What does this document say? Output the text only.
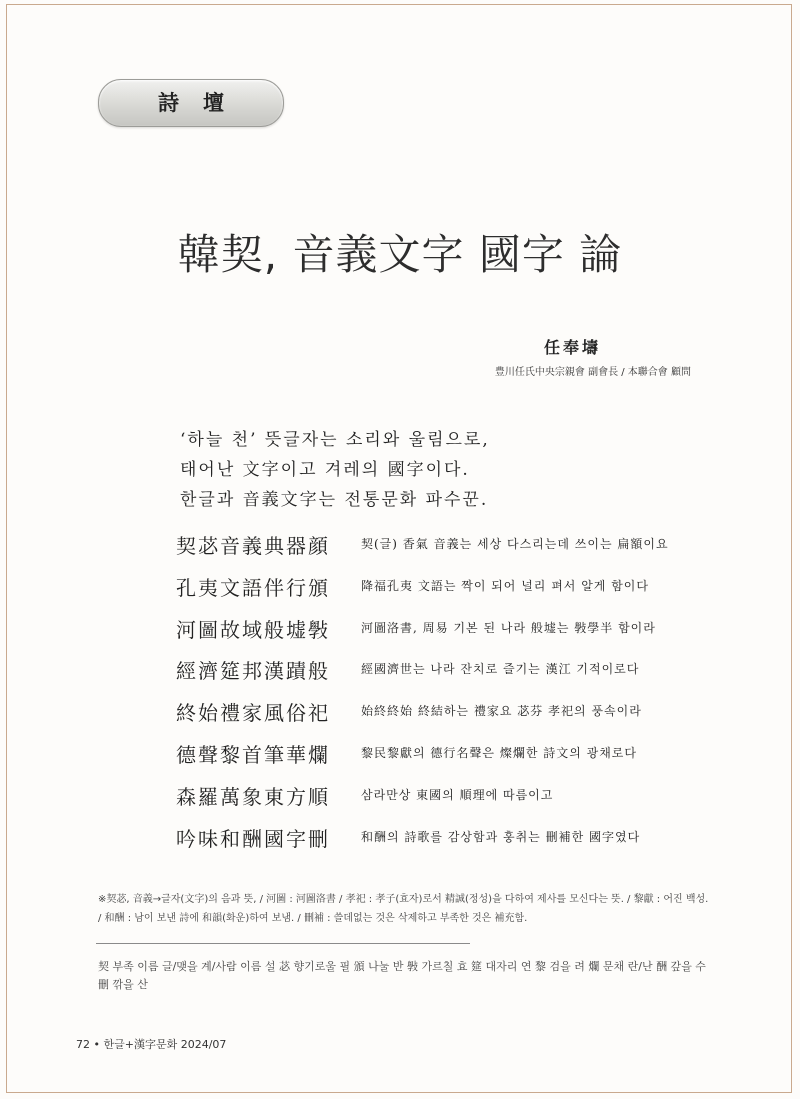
詩壇
韓契, 音義文字 國字 論
任奉壔
豊川任氏中央宗親會 副會長 / 本聯合會 顧問
‘하늘 천’ 뜻글자는 소리와 울림으로,
태어난 文字이고 겨레의 國字이다.
한글과 音義文字는 전통문화 파수꾼.
契苾音義典器顔	契(글) 香氣 音義는 세상 다스리는데 쓰이는 扁額이요
孔夷文語伴行頒	降福孔夷 文語는 짝이 되어 널리 펴서 알게 함이다
河圖故域般墟斅	河圖洛書, 周易 기본 된 나라 般墟는 斅學半 함이라
經濟筵邦漢蹟般	經國濟世는 나라 잔치로 즐기는 漢江 기적이로다
終始禮家風俗祀	始終終始 終結하는 禮家요 苾芬 孝祀의 풍속이라
德聲黎首筆華爛	黎民黎獻의 德行名聲은 燦爛한 詩文의 광채로다
森羅萬象東方順	삼라만상 東國의 順理에 따름이고
吟味和酬國字刪	和酬의 詩歌를 감상함과 훙취는 刪補한 國字였다
※契苾, 音義→글자(文字)의 음과 뜻, / 河圖 : 河圖洛書 / 孝祀 : 孝子(효자)로서 精誠(정성)을 다하여 제사를 모신다는 뜻. / 黎獻 : 어진 백성. / 和酬 : 남이 보낸 詩에 和韻(화운)하여 보냄. / 刪補 : 쓸데없는 것은 삭제하고 부족한 것은 補充함.
契 부족 이름 글/맺을 계/사람 이름 설 苾 향기로울 필 頒 나눌 반 斅 가르칠 효 筵 대자리 연 黎 검을 려 爛 문채 란/난 酬 갚을 수 刪 깎을 산
72 • 한글+漢字문화 2024/07
